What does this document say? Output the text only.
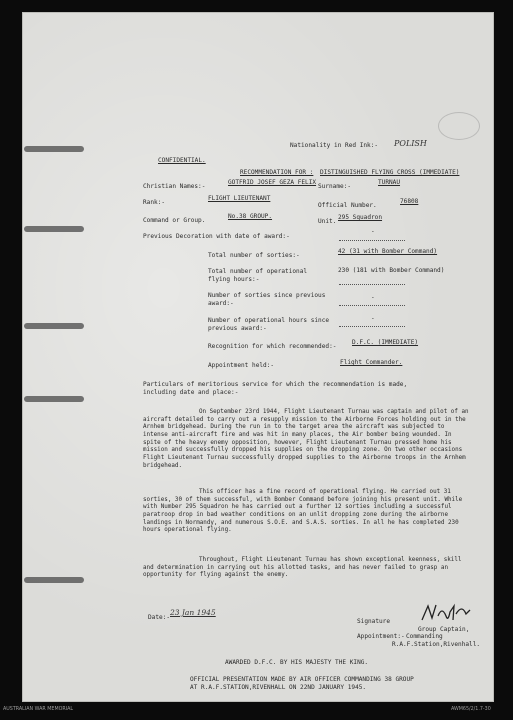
Nationality in Red Ink:- POLISH
CONFIDENTIAL.
RECOMMENDATION FOR : DISTINGUISHED FLYING CROSS (IMMEDIATE)
Christian Names:-
GOTFRID JOSEF GEZA FELIX
Surname:-
TURNAU
Rank:-
FLIGHT LIEUTENANT
Official Number.
76808
Command or Group.
No.38 GROUP.
Unit.
295 Squadron
Previous Decoration with date of award:-
-
Total number of sorties:-
42 (31 with Bomber Command)
Total number of operational
flying hours:-
230 (181 with Bomber Command)
Number of sorties since previous
award:-
-
Number of operational hours since
previous award:-
-
Recognition for which recommended:-
D.F.C. (IMMEDIATE)
Appointment held:-	Flight Commander.
Particulars of meritorious service for which the recommendation is made,
including date and place:-
On September 23rd 1944, Flight Lieutenant Turnau was captain and pilot of an aircraft detailed to carry out a resupply mission to the Airborne Forces holding out in the Arnhem bridgehead. During the run in to the target area the aircraft was subjected to intense anti-aircraft fire and was hit in many places, the Air bomber being wounded. In spite of the heavy enemy opposition, however, Flight Lieutenant Turnau pressed home his mission and successfully dropped his supplies on the dropping zone. On two other occasions Flight Lieutenant Turnau successfully dropped supplies to the Airborne troops in the Arnhem bridgehead.
This officer has a fine record of operational flying. He carried out 31 sorties, 30 of them successful, with Bomber Command before joining his present unit. While with Number 295 Squadron he has carried out a further 12 sorties including a successful paratroop drop in bad weather conditions on an unlit dropping zone during the airborne landings in Normandy, and numerous S.O.E. and S.A.S. sorties. In all he has completed 230 hours operational flying.
Throughout, Flight Lieutenant Turnau has shown exceptional keenness, skill and determination in carrying out his allotted tasks, and has never failed to grasp an opportunity for flying against the enemy.
Date:-
23 Jan 1945
Signature
Group Captain,
Appointment:- Commanding
R.A.F.Station,Rivenhall.
AWARDED D.F.C. BY HIS MAJESTY THE KING.
OFFICIAL PRESENTATION MADE BY AIR OFFICER COMMANDING 38 GROUP
AT R.A.F.STATION,RIVENHALL ON 22ND JANUARY 1945.
AUSTRALIAN WAR MEMORIAL	AWM65/2/1.7-30
